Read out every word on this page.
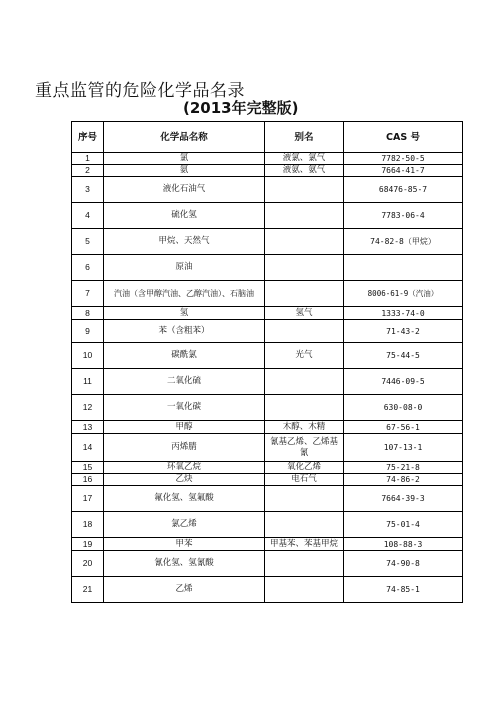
重点监管的危险化学品名录
(2013年完整版)
序号	化学品名称	别名	CAS 号
1	氯	液氯、氯气	7782-50-5
2	氨	液氨、氨气	7664-41-7
3	液化石油气		68476-85-7
4	硫化氢		7783-06-4
5	甲烷、天然气		74-82-8（甲烷）
6	原油		
7	汽油（含甲醇汽油、乙醇汽油）、石脑油		8006-61-9（汽油）
8	氢	氢气	1333-74-0
9	苯（含粗苯）		71-43-2
10	碳酰氯	光气	75-44-5
11	二氧化硫		7446-09-5
12	一氧化碳		630-08-0
13	甲醇	木醇、木精	67-56-1
14	丙烯腈	氰基乙烯、乙烯基氰	107-13-1
15	环氧乙烷	氧化乙烯	75-21-8
16	乙炔	电石气	74-86-2
17	氟化氢、氢氟酸		7664-39-3
18	氯乙烯		75-01-4
19	甲苯	甲基苯、苯基甲烷	108-88-3
20	氰化氢、氢氰酸		74-90-8
21	乙烯		74-85-1
